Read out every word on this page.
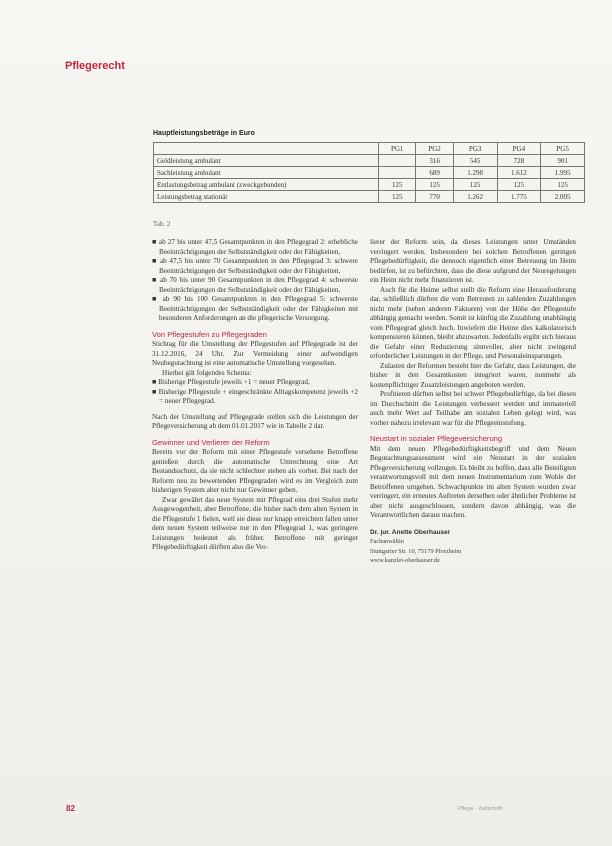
Pflegerecht
Hauptleistungsbeträge in Euro
	PG1	PG2	PG3	PG4	PG5
Geldleistung ambulant		316	545	728	901
Sachleistung ambulant		689	1.298	1.612	1.995
Entlastungsbetrag ambulant (zweckgebunden)	125	125	125	125	125
Leistungsbetrag stationär	125	770	1.262	1.775	2.005
Tab. 2

■ ab 27 bis unter 47,5 Gesamtpunkten in den Pflegegrad 2: erhebliche Beeinträchtigungen der Selbstständigkeit oder der Fähigkeiten,

■ ab 47,5 bis unter 70 Gesamtpunkten in den Pflegegrad 3: schwere Beeinträchtigungen der Selbstständigkeit oder der Fähigkeiten,

■ ab 70 bis unter 90 Gesamtpunkten in den Pflegegrad 4: schwerste Beeinträchtigungen der Selbstständigkeit oder der Fähigkeiten,

■ ab 90 bis 100 Gesamtpunkten in den Pflegegrad 5: schwerste Beeinträchtigungen der Selbstständigkeit oder der Fähigkeiten mit besonderen Anforderungen an die pflegerische Versorgung.

Von Pflegestufen zu Pflegegraden

Stichtag für die Umstellung der Pflegestufen auf Pflegegrade ist der 31.12.2016, 24 Uhr. Zur Vermeidung einer aufwendigen Neubegutachtung ist eine automatische Umstellung vorgesehen.

Hierbei gilt folgendes Schema:

■ Bisherige Pflegestufe jeweils +1 = neuer Pflegegrad,

■ Bisherige Pflegestufe + eingeschränkte Alltagskompetenz jeweils +2 = neuer Pflegegrad.

Nach der Umstellung auf Pflegegrade stellen sich die Leistungen der Pflegeversicherung ab dem 01.01.2017 wie in Tabelle 2 dar.

Gewinner und Verlierer der Reform

Bereits vor der Reform mit einer Pflegestufe versehene Betroffene genießen durch die automatische Umrechnung eine Art Bestandsschutz, da sie nicht schlechter stehen als vorher. Bei nach der Reform neu zu bewertenden Pflegegraden wird es im Vergleich zum bisherigen System aber nicht nur Gewinner geben.

Zwar gewährt das neue System mit Pflegrad eins drei Stufen mehr Ausgewogenheit, aber Betroffene, die bisher nach dem alten System in die Pflegestufe 1 fielen, weil sie diese nur knapp erreichten fallen unter dem neuen System teilweise nur in den Pflegegrad 1, was geringere Leistungen bedeutet als früher. Betroffene mit geringer Pflegebedürftigkeit dürften also die Ver-

lierer der Reform sein, da dieses Leistungen unter Umständen verringert werden. Insbesondere bei solchen Betroffenen geringen Pflegebedürftigkeit, die dennoch eigentlich einer Betreuung im Heim bedürfen, ist zu befürchten, dass die diese aufgrund der Neuregelungen ein Heim nicht mehr finanzieren ist.

Auch für die Heime selbst stellt die Reform eine Herausforderung dar, schließlich dürften die vom Betreuten zu zahlenden Zuzahlungen nicht mehr (neben anderen Faktoren) von der Höhe der Pflegestufe abhängig gemacht werden. Somit ist künftig die Zuzahlung unabhängig vom Pflegegrad gleich hoch. Inwiefern die Heime dies kalkulatorisch kompensieren können, bleibt abzuwarten. Jedenfalls ergibt sich hieraus die Gefahr einer Reduzierung sinnvoller, aber nicht zwingend erforderlicher Leistungen in der Pflege, und Personaleinsparungen.

Zulasten der Reformen besteht hier die Gefahr, dass Leistungen, die bisher in den Gesamtkosten integriert waren, nunmehr als kostenpflichtiger Zusatzleistungen angeboten werden.

Profitieren dürften selbst bei schwer Pflegebedürftige, da bei diesen im Durchschnitt die Leistungen verbessert werden und immateriell auch mehr Wert auf Teilhabe am sozialen Leben gelegt wird, was vorher nahezu irrelevant war für die Pflegeeinstufung.

Neustart in sozialer Pflegeversicherung

Mit dem neuen Pflegebedürftigkeitsbegriff und dem Neuen Begutachtungsassessment wird ein Neustart in der sozialen Pflegeversicherung vollzogen. Es bleibt zu hoffen, dass alle Beteiligten verantwortungsvoll mit dem neuen Instrumentarium zum Wohle der Betroffenen umgehen. Schwachpunkte im alten System wurden zwar verringert, ein erneutes Auftreten derselben oder ähnlicher Probleme ist aber nicht ausgeschlossen, sondern davon abhängig, was die Verantwortlichen daraus machen.

Dr. jur. Anette Oberhauser
Fachanwältin
Stuttgarter Str. 10, 75179 Pforzheim
www.kanzlei-oberhauser.de
82	Pflege · Zeitschrift
